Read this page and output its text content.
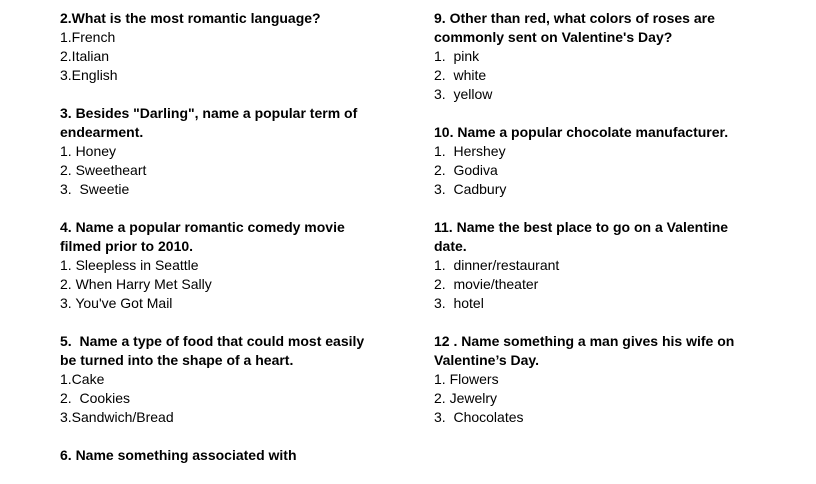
2.What is the most romantic language?
1.French
2.Italian
3.English
3. Besides "Darling", name a popular term of
endearment.
1. Honey
2. Sweetheart
3.  Sweetie
4. Name a popular romantic comedy movie
filmed prior to 2010.
1. Sleepless in Seattle
2. When Harry Met Sally
3. You've Got Mail
5.  Name a type of food that could most easily
be turned into the shape of a heart.
1.Cake
2.  Cookies
3.Sandwich/Bread
6. Name something associated with
9. Other than red, what colors of roses are
commonly sent on Valentine's Day?
1.  pink
2.  white
3.  yellow
10. Name a popular chocolate manufacturer.
1.  Hershey
2.  Godiva
3.  Cadbury
11. Name the best place to go on a Valentine
date.
1.  dinner/restaurant
2.  movie/theater
3.  hotel
12 . Name something a man gives his wife on
Valentine’s Day.
1. Flowers
2. Jewelry
3.  Chocolates
